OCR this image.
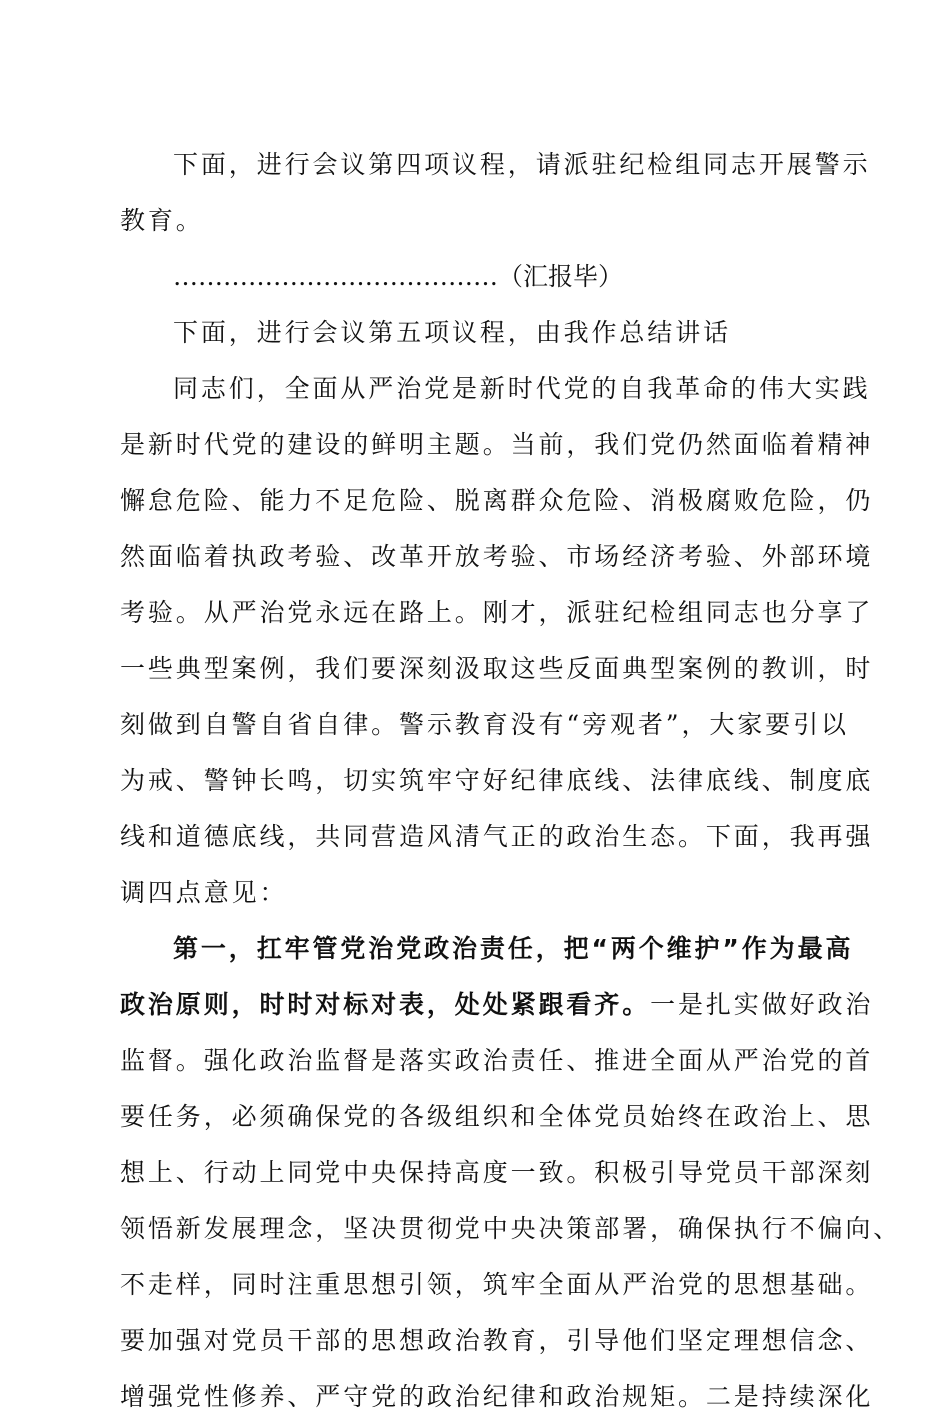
下面，进行会议第四项议程，请派驻纪检组同志开展警示

教育。

…………………………………（汇报毕）

下面，进行会议第五项议程，由我作总结讲话

同志们，全面从严治党是新时代党的自我革命的伟大实践

是新时代党的建设的鲜明主题。当前，我们党仍然面临着精神

懈怠危险、能力不足危险、脱离群众危险、消极腐败危险，仍

然面临着执政考验、改革开放考验、市场经济考验、外部环境

考验。从严治党永远在路上。刚才，派驻纪检组同志也分享了

一些典型案例，我们要深刻汲取这些反面典型案例的教训，时

刻做到自警自省自律。警示教育没有“旁观者”，大家要引以

为戒、警钟长鸣，切实筑牢守好纪律底线、法律底线、制度底

线和道德底线，共同营造风清气正的政治生态。下面，我再强

调四点意见：

第一，扛牢管党治党政治责任，把“两个维护”作为最高

政治原则，时时对标对表，处处紧跟看齐。一是扎实做好政治

监督。强化政治监督是落实政治责任、推进全面从严治党的首

要任务，必须确保党的各级组织和全体党员始终在政治上、思

想上、行动上同党中央保持高度一致。积极引导党员干部深刻

领悟新发展理念，坚决贯彻党中央决策部署，确保执行不偏向、

不走样，同时注重思想引领，筑牢全面从严治党的思想基础。

要加强对党员干部的思想政治教育，引导他们坚定理想信念、

增强党性修养、严守党的政治纪律和政治规矩。二是持续深化
